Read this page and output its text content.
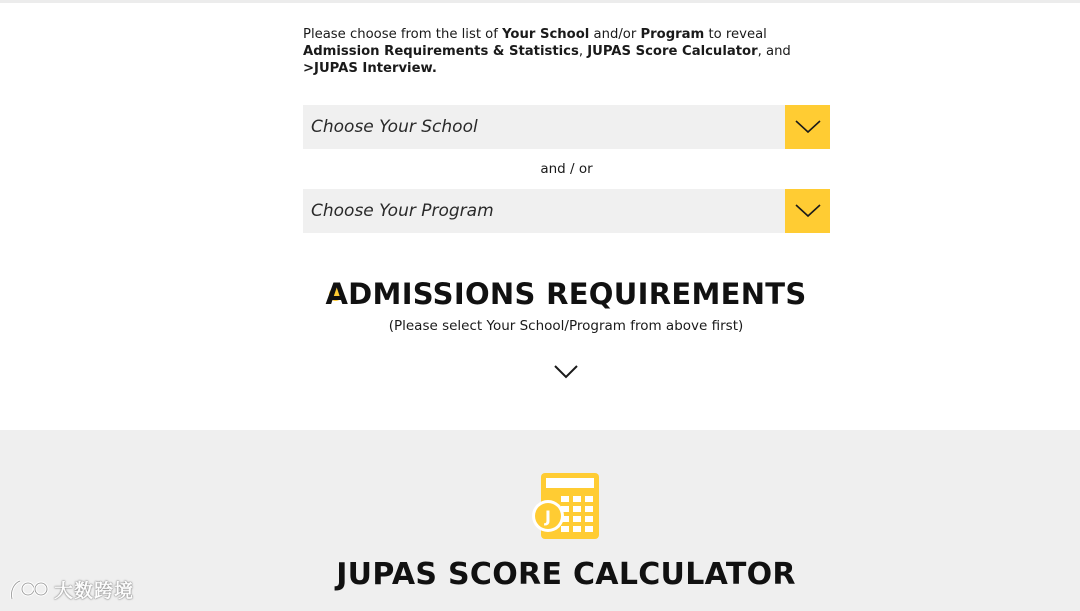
Please choose from the list of Your School and/or Program to reveal Admission Requirements & Statistics, JUPAS Score Calculator, and >JUPAS Interview.

Choose Your School
and / or
Choose Your Program
ADMISSIONS REQUIREMENTS

(Please select Your School/Program from above first)

J
JUPAS SCORE CALCULATOR
大数跨境
